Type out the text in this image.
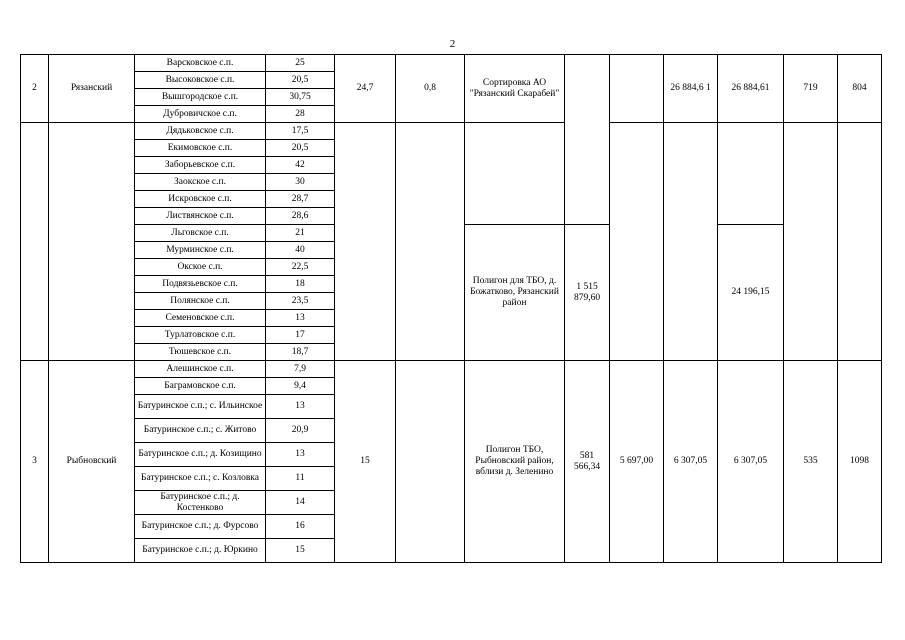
2
2	Рязанский	Варсковское с.п.	25	24,7	0,8	Сортировка АО "Рязанский Скарабей"			26 884,6 1	26 884,61	719	804
		Высоковское с.п.	20,5									
		Вышгородское с.п.	30,75									
		Дубровичское с.п.	28									
		Дядьковское с.п.	17,5									
		Екимовское с.п.	20,5									
		Заборьевское с.п.	42									
		Заокское с.п.	30									
		Искровское с.п.	28,7									
		Листвянское с.п.	28,6									
		Льговское с.п.	21			Полигон для ТБО, д. Божатково, Рязанский район	1 515 879,60			24 196,15		
		Мурминское с.п.	40									
		Окское с.п.	22,5									
		Подвязьевское с.п.	18									
		Полянское с.п.	23,5									
		Семеновское с.п.	13									
		Турлатовское с.п.	17									
		Тюшевское с.п.	18,7									
3	Рыбновский	Алешинское с.п.	7,9	15		Полигон ТБО, Рыбновский район, вблизи д. Зеленино	581 566,34	5 697,00	6 307,05	6 307,05	535	1098
		Баграмовское с.п.	9,4									
		Батуринское с.п.; с. Ильинское	13									
		Батуринское с.п.; с. Житово	20,9									
		Батуринское с.п.; д. Козищино	13									
		Батуринское с.п.; с. Козловка	11									
		Батуринское с.п.; д. Костенково	14									
		Батуринское с.п.; д. Фурсово	16									
		Батуринское с.п.; д. Юркино	15									
